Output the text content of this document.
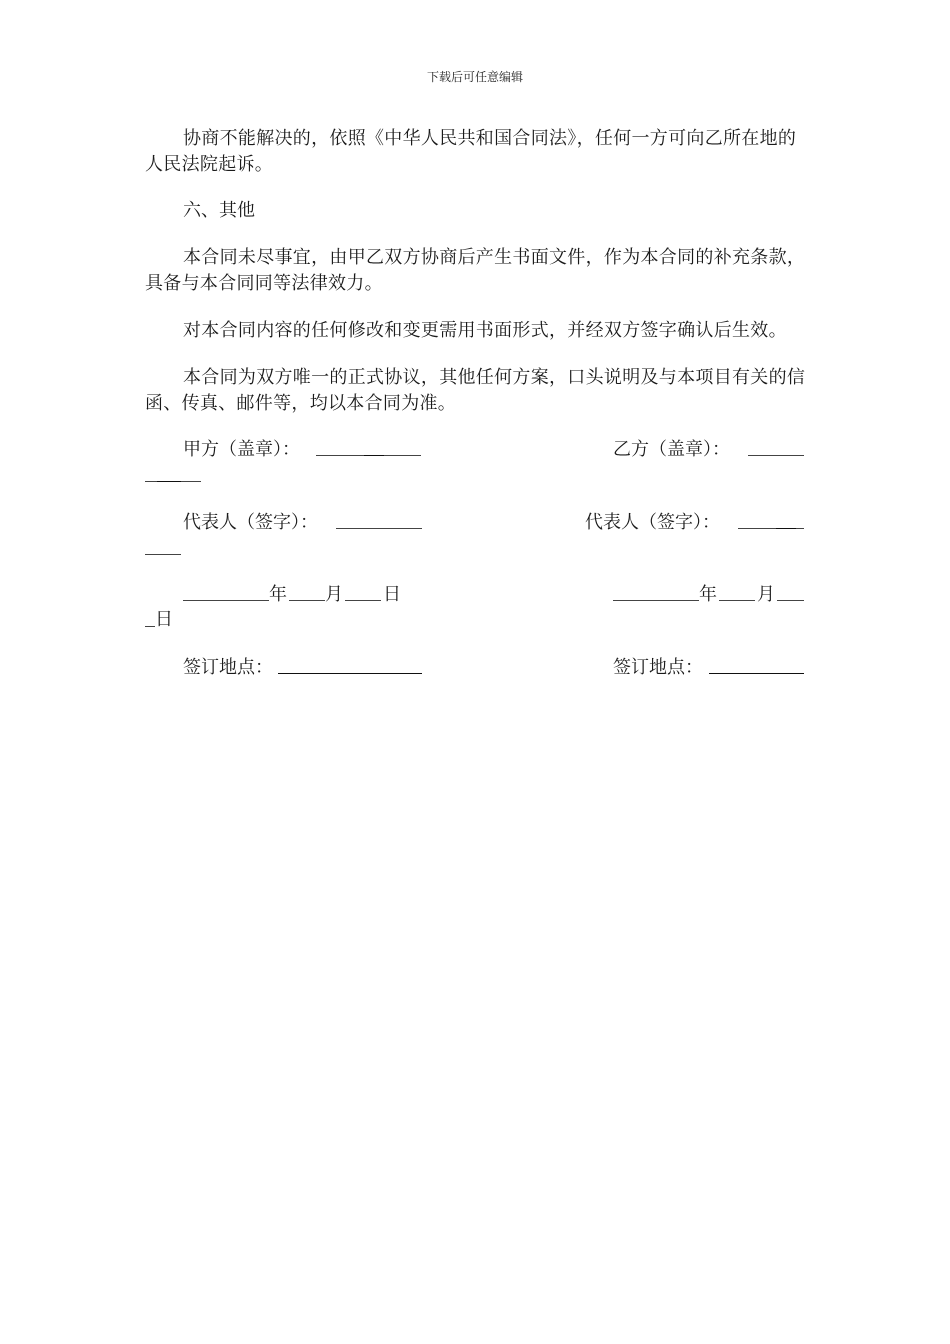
下载后可任意编辑
协商不能解决的，依照《中华人民共和国合同法》，任何一方可向乙所在地的人民法院起诉。
六、其他
本合同未尽事宜，由甲乙双方协商后产生书面文件，作为本合同的补充条款，具备与本合同同等法律效力。
对本合同内容的任何修改和变更需用书面形式，并经双方签字确认后生效。
本合同为双方唯一的正式协议，其他任何方案，口头说明及与本项目有关的信函、传真、邮件等，均以本合同为准。
甲方（盖章）：	乙方（盖章）：
代表人（签字）：	代表人（签字）：
年 月 日	年 月
日
签订地点：	签订地点：
